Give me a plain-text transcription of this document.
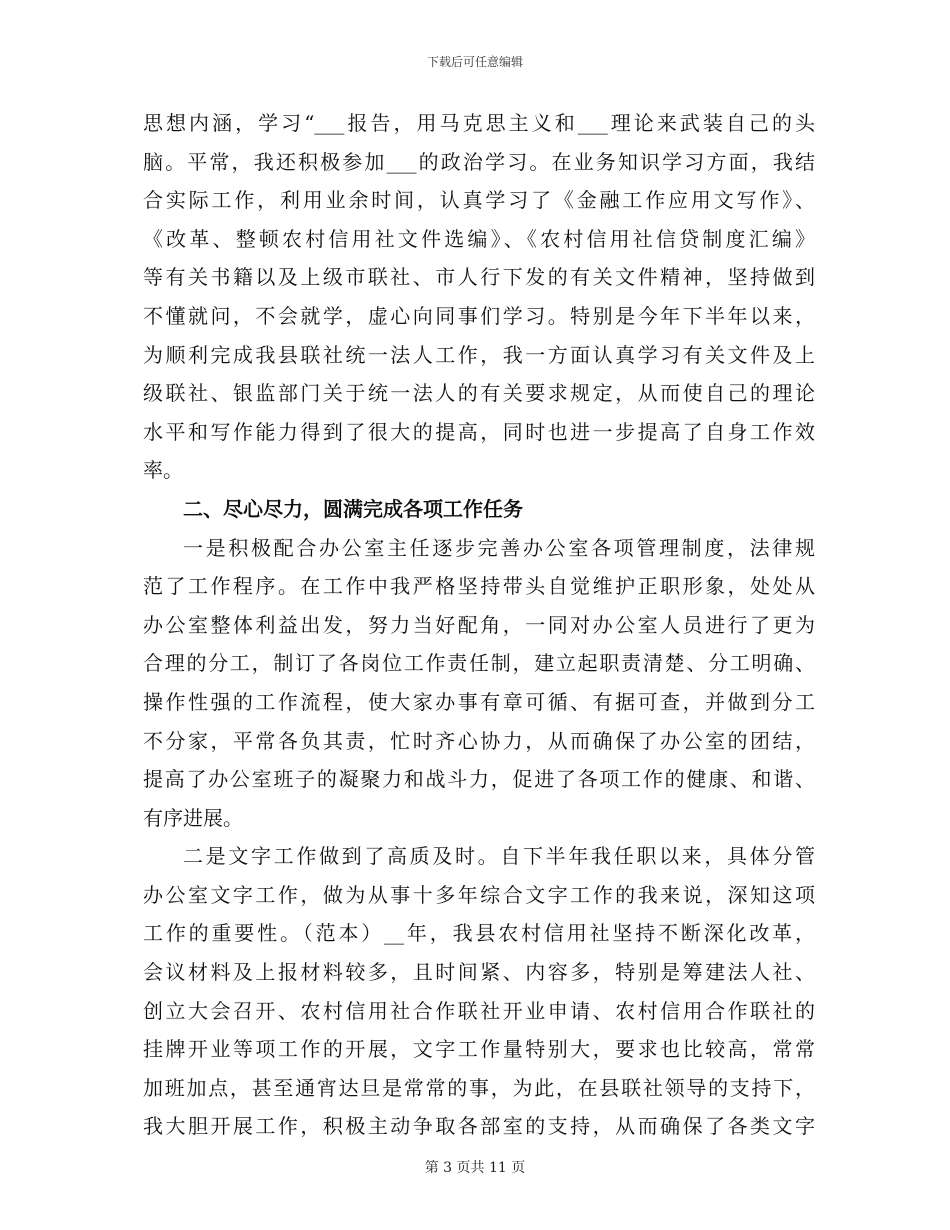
下载后可任意编辑
思想内涵，学习“___报告，用马克思主义和___理论来武装自己的头
脑。平常，我还积极参加___的政治学习。在业务知识学习方面，我结
合实际工作，利用业余时间，认真学习了《金融工作应用文写作》、
《改革、整顿农村信用社文件选编》、《农村信用社信贷制度汇编》
等有关书籍以及上级市联社、市人行下发的有关文件精神，坚持做到
不懂就问，不会就学，虚心向同事们学习。特别是今年下半年以来，
为顺利完成我县联社统一法人工作，我一方面认真学习有关文件及上
级联社、银监部门关于统一法人的有关要求规定，从而使自己的理论
水平和写作能力得到了很大的提高，同时也进一步提高了自身工作效
率。
二、尽心尽力，圆满完成各项工作任务
一是积极配合办公室主任逐步完善办公室各项管理制度，法律规
范了工作程序。在工作中我严格坚持带头自觉维护正职形象，处处从
办公室整体利益出发，努力当好配角，一同对办公室人员进行了更为
合理的分工，制订了各岗位工作责任制，建立起职责清楚、分工明确、
操作性强的工作流程，使大家办事有章可循、有据可查，并做到分工
不分家，平常各负其责，忙时齐心协力，从而确保了办公室的团结，
提高了办公室班子的凝聚力和战斗力，促进了各项工作的健康、和谐、
有序进展。
二是文字工作做到了高质及时。自下半年我任职以来，具体分管
办公室文字工作，做为从事十多年综合文字工作的我来说，深知这项
工作的重要性。（范本）__年，我县农村信用社坚持不断深化改革，
会议材料及上报材料较多，且时间紧、内容多，特别是筹建法人社、
创立大会召开、农村信用社合作联社开业申请、农村信用合作联社的
挂牌开业等项工作的开展，文字工作量特别大，要求也比较高，常常
加班加点，甚至通宵达旦是常常的事，为此，在县联社领导的支持下，
我大胆开展工作，积极主动争取各部室的支持，从而确保了各类文字
第 3 页共 11 页
